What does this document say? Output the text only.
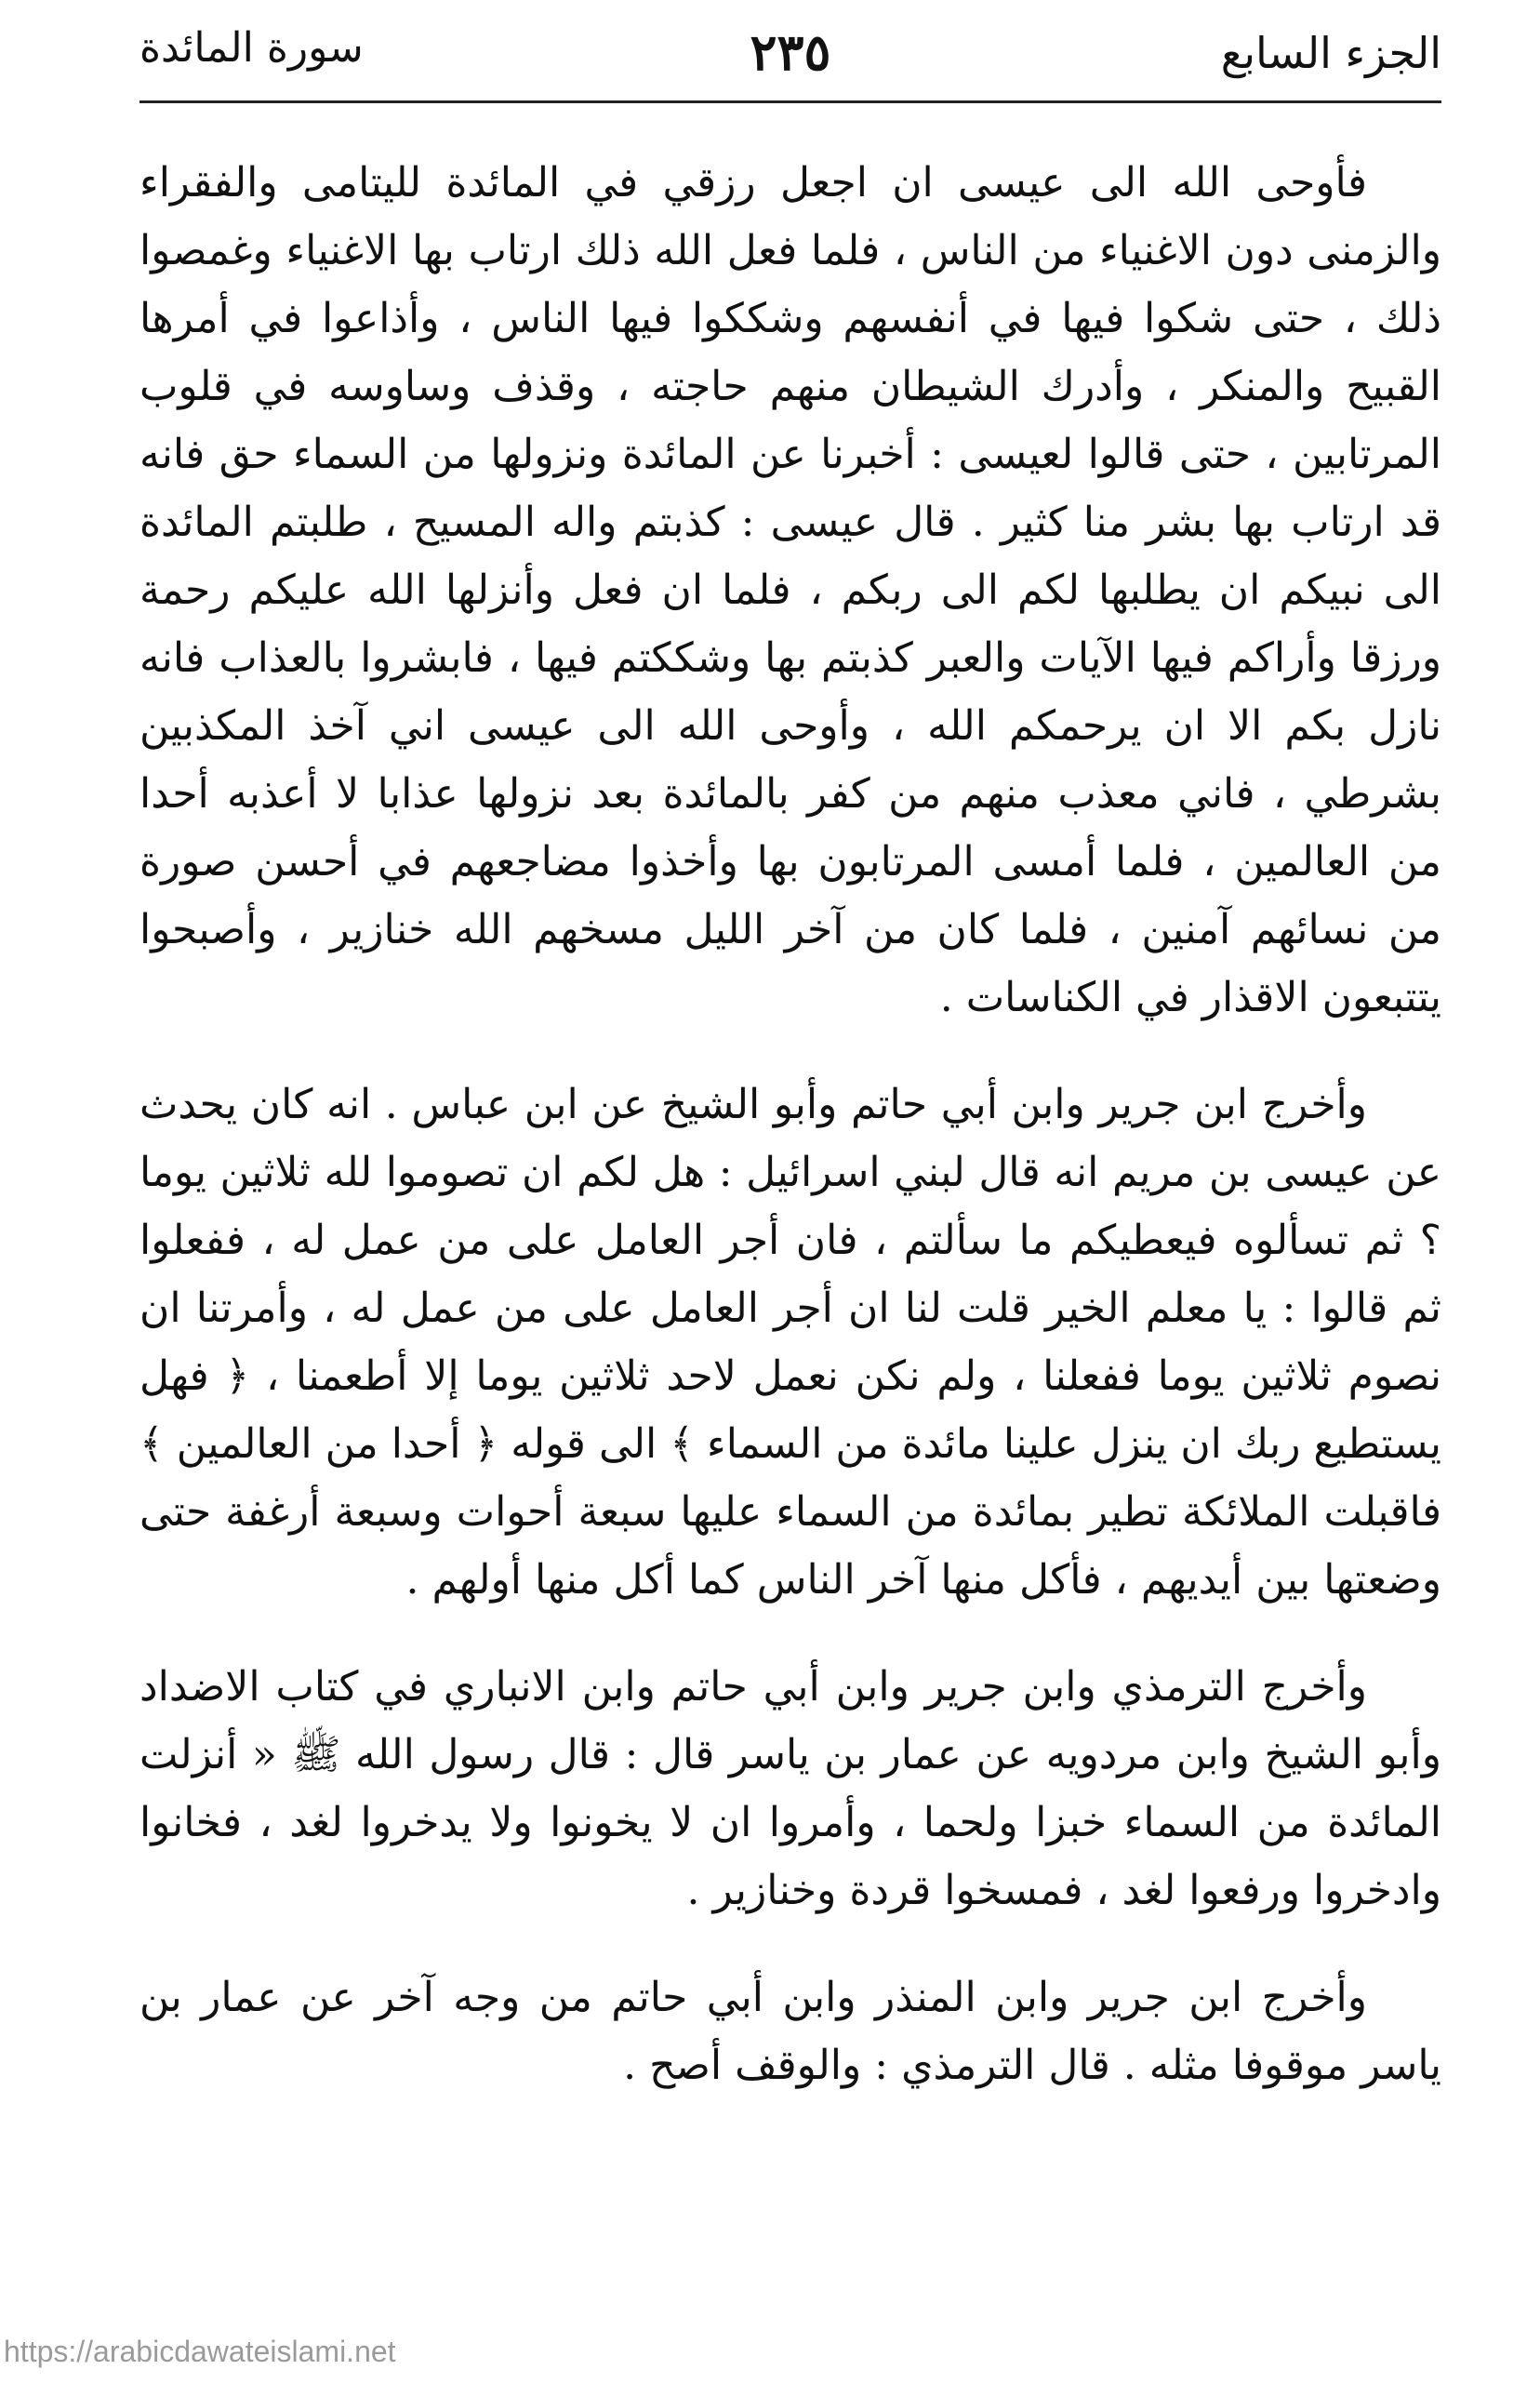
الجزء السابع
٢٣٥
سورة المائدة

فأوحى الله الى عيسى ان اجعل رزقي في المائدة لليتامى والفقراء والزمنى دون الاغنياء من الناس ، فلما فعل الله ذلك ارتاب بها الاغنياء وغمصوا ذلك ، حتى شكوا فيها في أنفسهم وشككوا فيها الناس ، وأذاعوا في أمرها القبيح والمنكر ، وأدرك الشيطان منهم حاجته ، وقذف وساوسه في قلوب المرتابين ، حتى قالوا لعيسى : أخبرنا عن المائدة ونزولها من السماء حق فانه قد ارتاب بها بشر منا كثير . قال عيسى : كذبتم واله المسيح ، طلبتم المائدة الى نبيكم ان يطلبها لكم الى ربكم ، فلما ان فعل وأنزلها الله عليكم رحمة ورزقا وأراكم فيها الآيات والعبر كذبتم بها وشككتم فيها ، فابشروا بالعذاب فانه نازل بكم الا ان يرحمكم الله ، وأوحى الله الى عيسى اني آخذ المكذبين بشرطي ، فاني معذب منهم من كفر بالمائدة بعد نزولها عذابا لا أعذبه أحدا من العالمين ، فلما أمسى المرتابون بها وأخذوا مضاجعهم في أحسن صورة من نسائهم آمنين ، فلما كان من آخر الليل مسخهم الله خنازير ، وأصبحوا يتتبعون الاقذار في الكناسات .

وأخرج ابن جرير وابن أبي حاتم وأبو الشيخ عن ابن عباس . انه كان يحدث عن عيسى بن مريم انه قال لبني اسرائيل : هل لكم ان تصوموا لله ثلاثين يوما ؟ ثم تسألوه فيعطيكم ما سألتم ، فان أجر العامل على من عمل له ، ففعلوا ثم قالوا : يا معلم الخير قلت لنا ان أجر العامل على من عمل له ، وأمرتنا ان نصوم ثلاثين يوما ففعلنا ، ولم نكن نعمل لاحد ثلاثين يوما إلا أطعمنا ، ﴿ فهل يستطيع ربك ان ينزل علينا مائدة من السماء ﴾ الى قوله ﴿ أحدا من العالمين ﴾ فاقبلت الملائكة تطير بمائدة من السماء عليها سبعة أحوات وسبعة أرغفة حتى وضعتها بين أيديهم ، فأكل منها آخر الناس كما أكل منها أولهم .

وأخرج الترمذي وابن جرير وابن أبي حاتم وابن الانباري في كتاب الاضداد وأبو الشيخ وابن مردويه عن عمار بن ياسر قال : قال رسول الله ﷺ « أنزلت المائدة من السماء خبزا ولحما ، وأمروا ان لا يخونوا ولا يدخروا لغد ، فخانوا وادخروا ورفعوا لغد ، فمسخوا قردة وخنازير .

وأخرج ابن جرير وابن المنذر وابن أبي حاتم من وجه آخر عن عمار بن ياسر موقوفا مثله . قال الترمذي : والوقف أصح .

https://arabicdawateislami.net
